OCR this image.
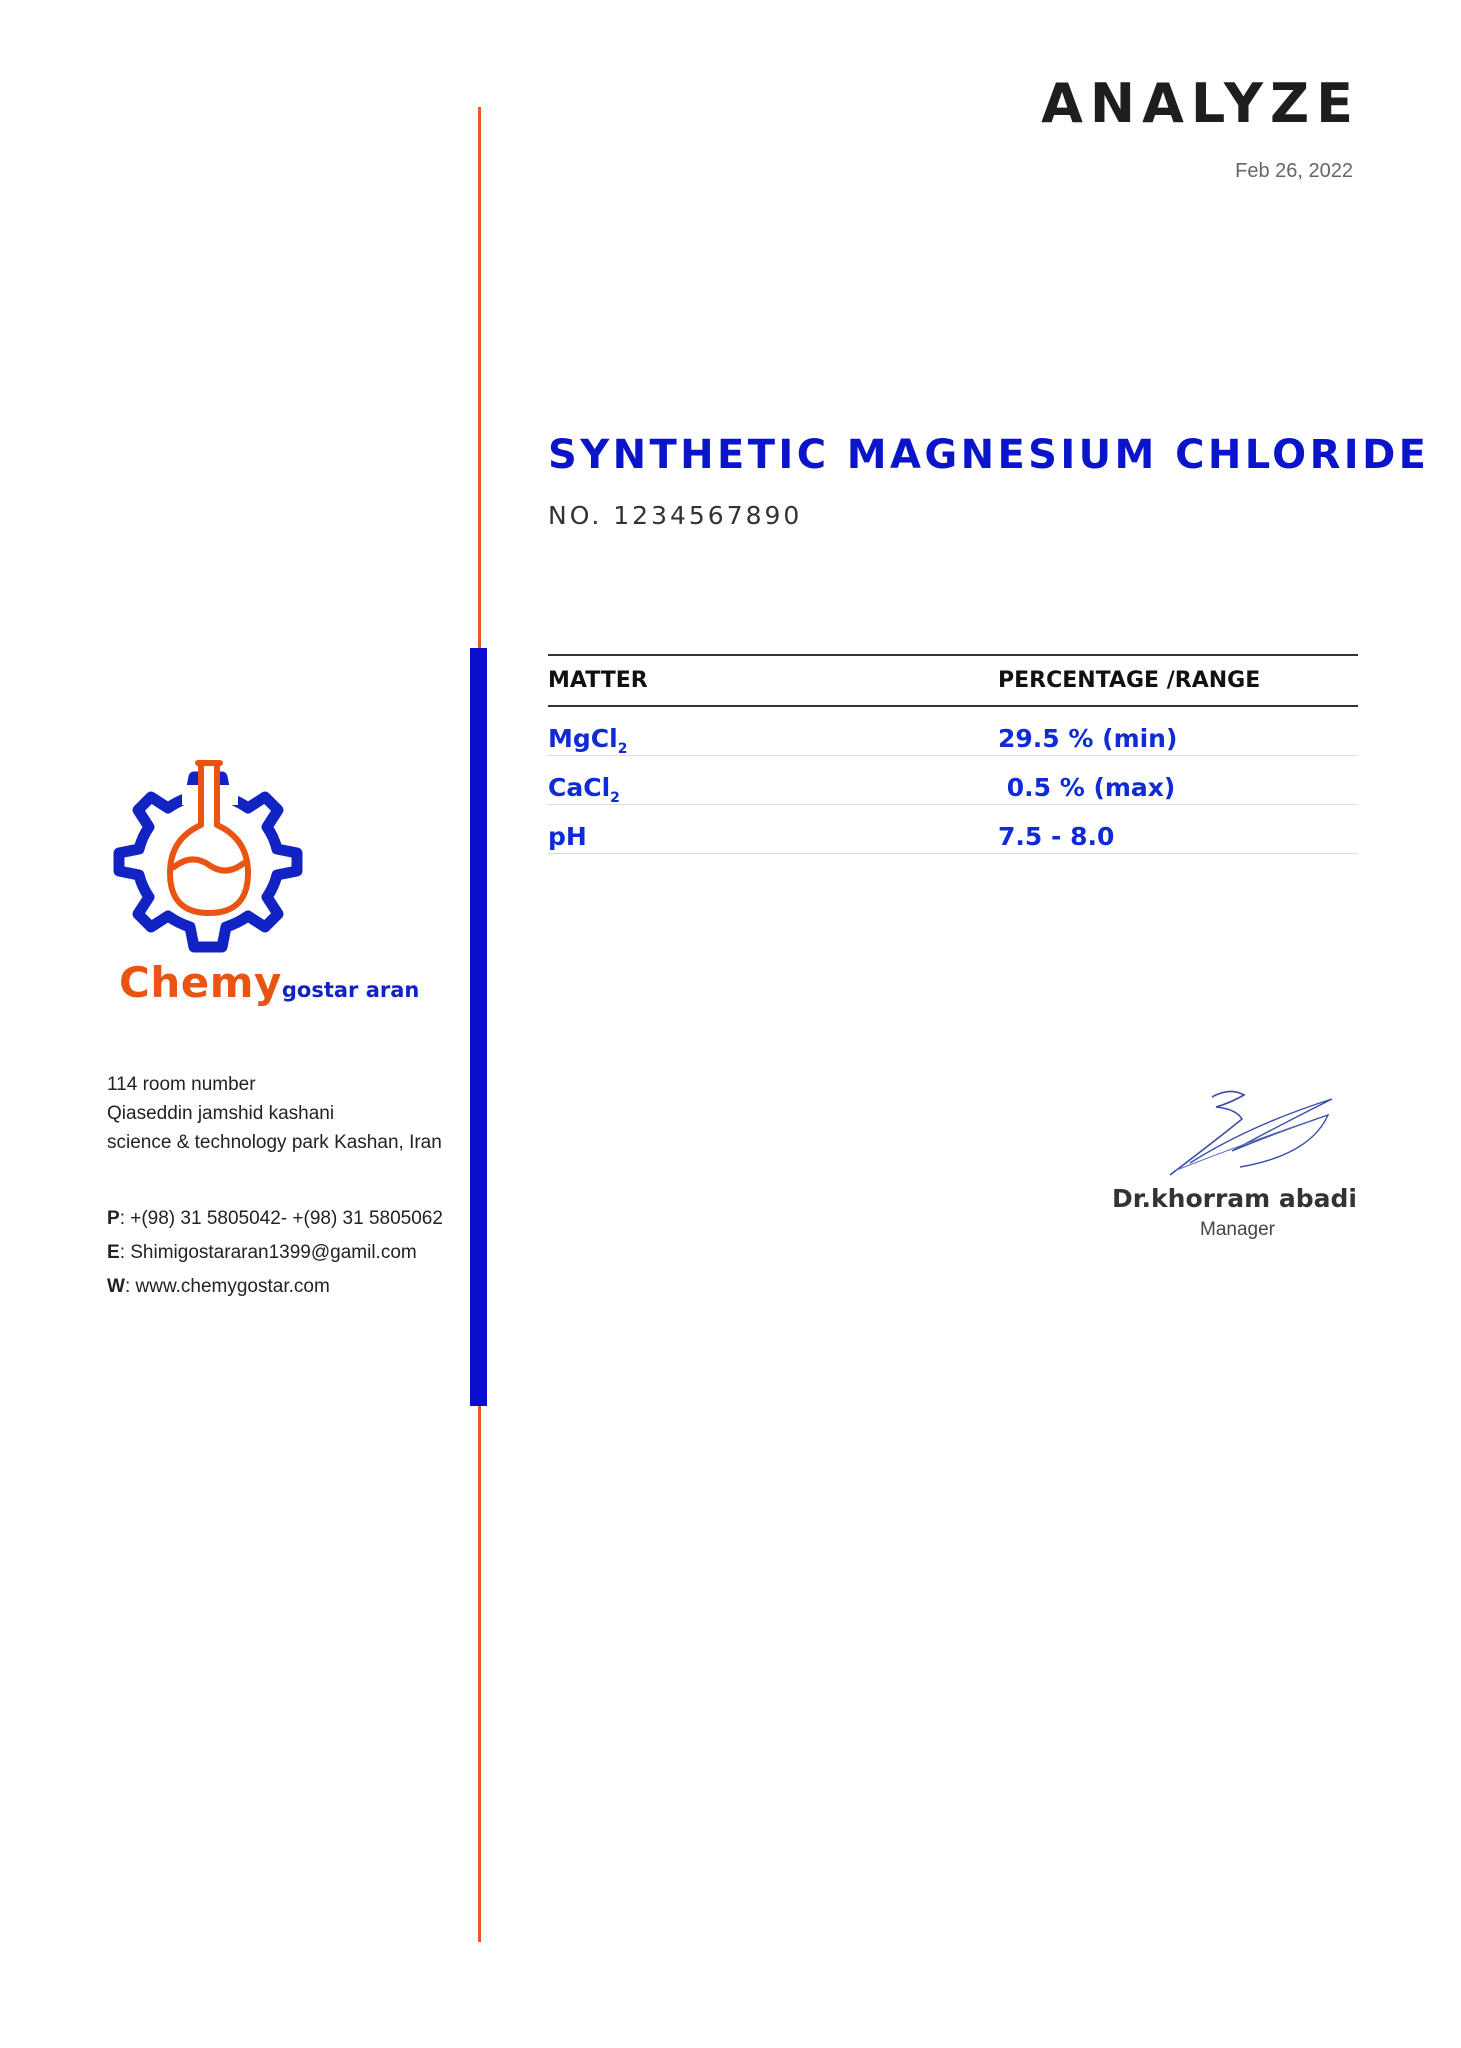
ANALYZE
Feb 26, 2022
SYNTHETIC MAGNESIUM CHLORIDE
NO. 1234567890
MATTER	PERCENTAGE /RANGE
MgCl$_2$	29.5 % (min)
CaCl$_2$	0.5 % (max)
pH	7.5 - 8.0
Chemygostar aran
114 room number
Qiaseddin jamshid kashani
science & technology park Kashan, Iran
P: +(98) 31 5805042- +(98) 31 5805062
E: Shimigostararan1399@gamil.com
W: www.chemygostar.com
Dr.khorram abadi
Manager
